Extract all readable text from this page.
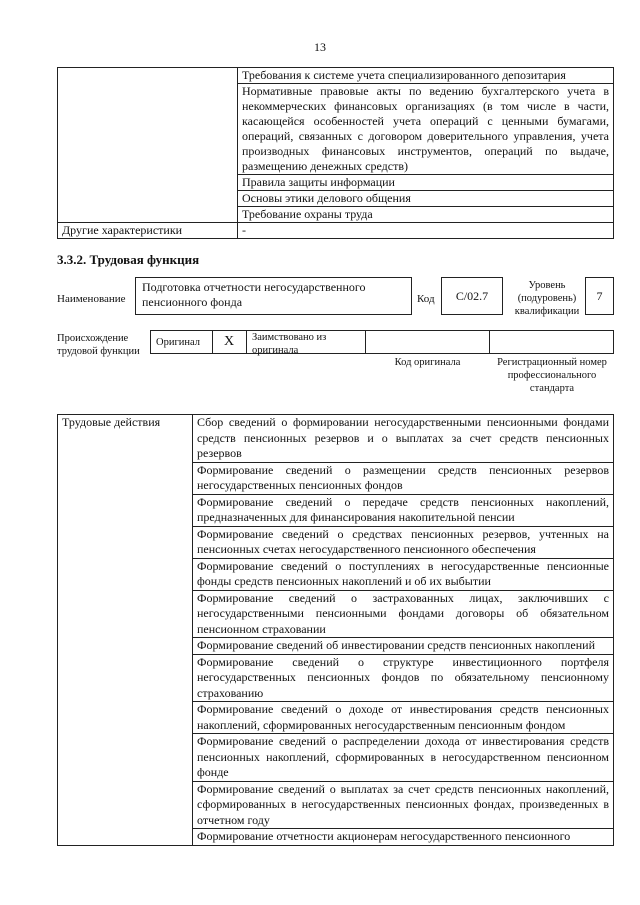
13
	Требования к системе учета специализированного депозитария
	Нормативные правовые акты по ведению бухгалтерского учета в некоммерческих финансовых организациях (в том числе в части, касающейся особенностей учета операций с ценными бумагами, операций, связанных с договором доверительного управления, учета производных финансовых инструментов, операций по выдаче, размещению денежных средств)
	Правила защиты информации
	Основы этики делового общения
	Требование охраны труда
Другие характеристики	-
3.3.2. Трудовая функция
Наименование
Подготовка отчетности негосударственного пенсионного фонда	Код	C/02.7
Уровень (подуровень) квалификации
7
Происхождение трудовой функции
Оригинал	X	Заимствовано из оригинала
Код оригинала	Регистрационный номер профессионального стандарта
Трудовые действия	Сбор сведений о формировании негосударственными пенсионными фондами средств пенсионных резервов и о выплатах за счет средств пенсионных резервов
Формирование сведений о размещении средств пенсионных резервов негосударственных пенсионных фондов
Формирование сведений о передаче средств пенсионных накоплений, предназначенных для финансирования накопительной пенсии
Формирование сведений о средствах пенсионных резервов, учтенных на пенсионных счетах негосударственного пенсионного обеспечения
Формирование сведений о поступлениях в негосударственные пенсионные фонды средств пенсионных накоплений и об их выбытии
Формирование сведений о застрахованных лицах, заключивших с негосударственными пенсионными фондами договоры об обязательном пенсионном страховании
Формирование сведений об инвестировании средств пенсионных накоплений
Формирование сведений о структуре инвестиционного портфеля негосударственных пенсионных фондов по обязательному пенсионному страхованию
Формирование сведений о доходе от инвестирования средств пенсионных накоплений, сформированных негосударственным пенсионным фондом
Формирование сведений о распределении дохода от инвестирования средств пенсионных накоплений, сформированных в негосударственном пенсионном фонде
Формирование сведений о выплатах за счет средств пенсионных накоплений, сформированных в негосударственных пенсионных фондах, произведенных в отчетном году
Формирование отчетности акционерам негосударственного пенсионного
